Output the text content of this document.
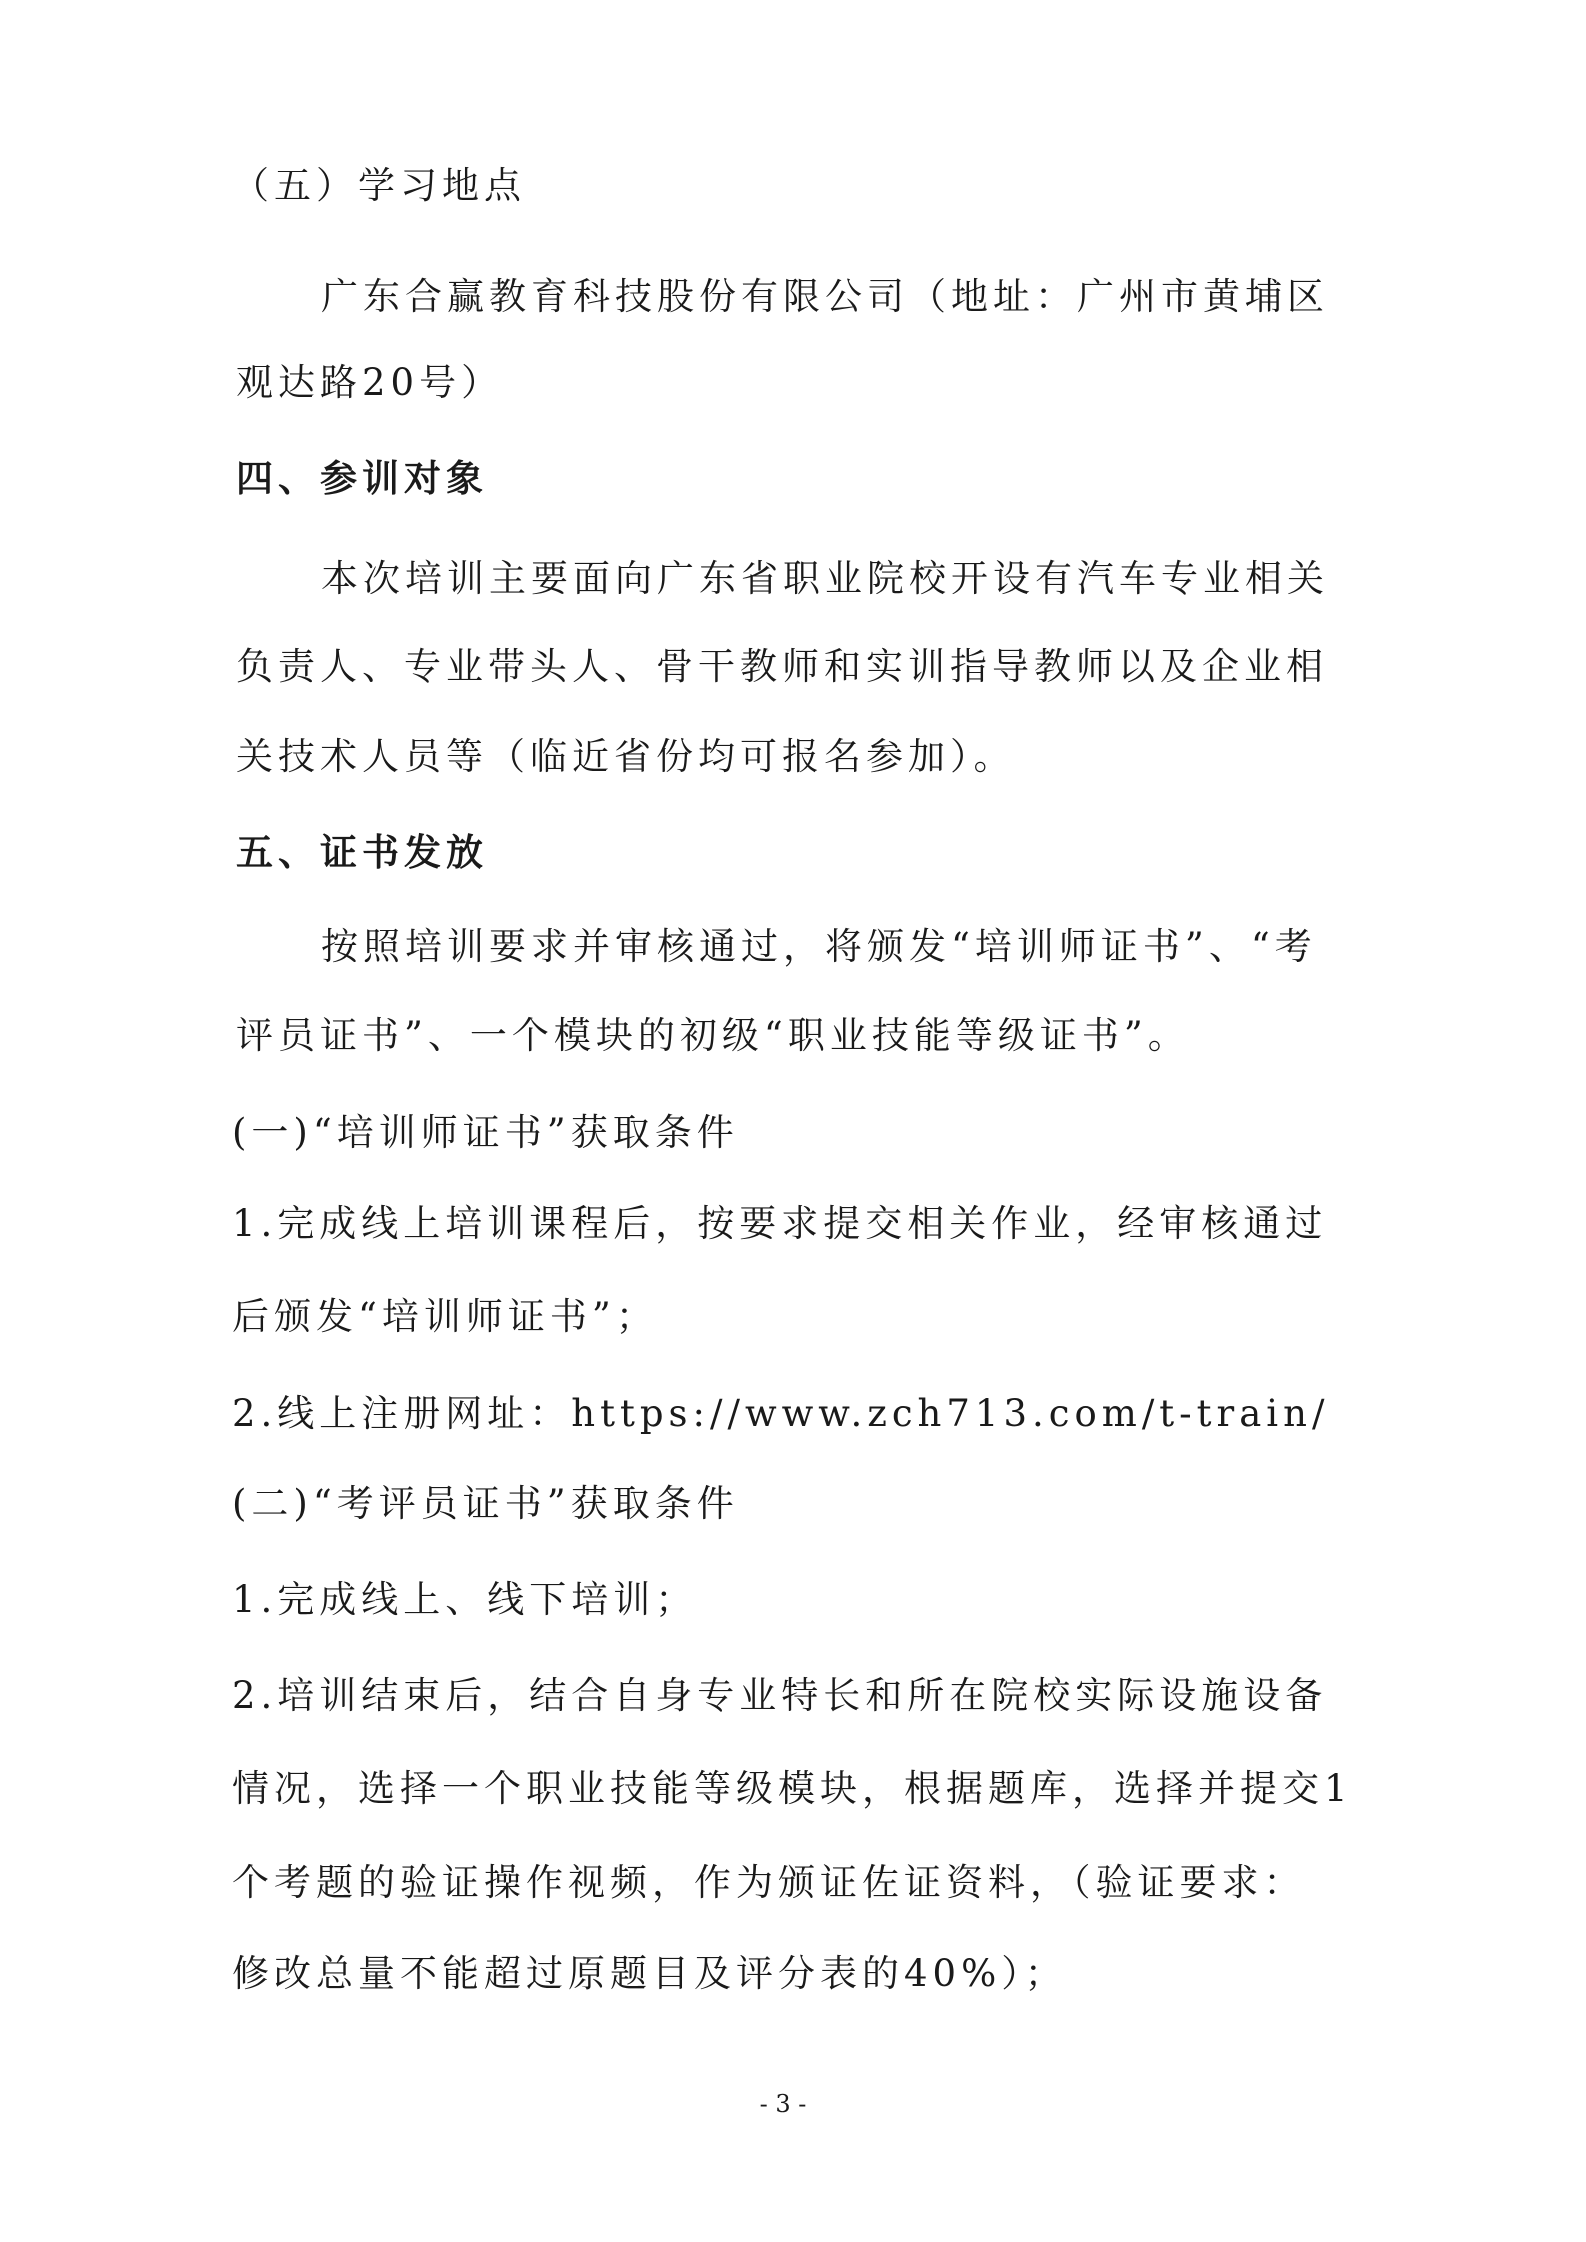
（五）学习地点
广东合赢教育科技股份有限公司（地址：广州市黄埔区
观达路20号）
四、参训对象
本次培训主要面向广东省职业院校开设有汽车专业相关
负责人、专业带头人、骨干教师和实训指导教师以及企业相
关技术人员等（临近省份均可报名参加）。
五、证书发放
按照培训要求并审核通过，将颁发“培训师证书”、“考
评员证书”、一个模块的初级“职业技能等级证书”。
(一)“培训师证书”获取条件
1.完成线上培训课程后，按要求提交相关作业，经审核通过
后颁发“培训师证书”；
2.线上注册网址：https://www.zch713.com/t-train/
(二)“考评员证书”获取条件
1.完成线上、线下培训；
2.培训结束后，结合自身专业特长和所在院校实际设施设备
情况，选择一个职业技能等级模块，根据题库，选择并提交1
个考题的验证操作视频，作为颁证佐证资料，（验证要求：
修改总量不能超过原题目及评分表的40%）；
- 3 -
